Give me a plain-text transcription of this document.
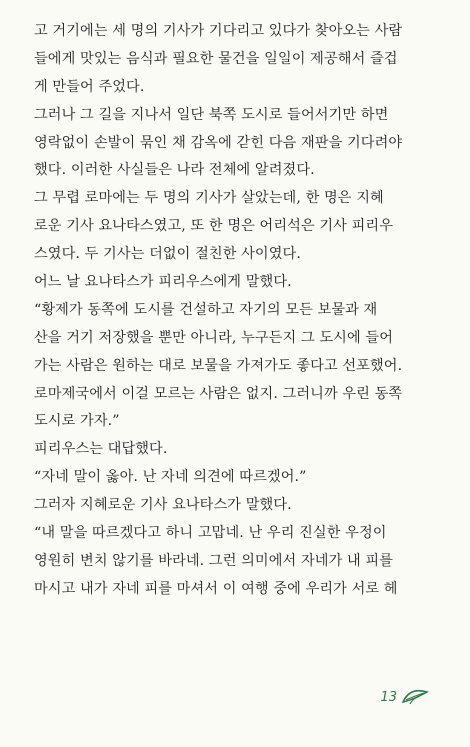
고 거기에는 세 명의 기사가 기다리고 있다가 찾아오는 사람
들에게 맛있는 음식과 필요한 물건을 일일이 제공해서 즐겁
게 만들어 주었다.
그러나 그 길을 지나서 일단 북쪽 도시로 들어서기만 하면
영락없이 손발이 묶인 채 감옥에 갇힌 다음 재판을 기다려야
했다. 이러한 사실들은 나라 전체에 알려졌다.
그 무렵 로마에는 두 명의 기사가 살았는데, 한 명은 지혜
로운 기사 요나타스였고, 또 한 명은 어리석은 기사 피리우
스였다. 두 기사는 더없이 절친한 사이였다.
어느 날 요나타스가 피리우스에게 말했다.
“황제가 동쪽에 도시를 건설하고 자기의 모든 보물과 재
산을 거기 저장했을 뿐만 아니라, 누구든지 그 도시에 들어
가는 사람은 원하는 대로 보물을 가져가도 좋다고 선포했어.
로마제국에서 이걸 모르는 사람은 없지. 그러니까 우린 동쪽
도시로 가자.”
피리우스는 대답했다.
“자네 말이 옳아. 난 자네 의견에 따르겠어.”
그러자 지혜로운 기사 요나타스가 말했다.
“내 말을 따르겠다고 하니 고맙네. 난 우리 진실한 우정이
영원히 변치 않기를 바라네. 그런 의미에서 자네가 내 피를
마시고 내가 자네 피를 마셔서 이 여행 중에 우리가 서로 헤
13
